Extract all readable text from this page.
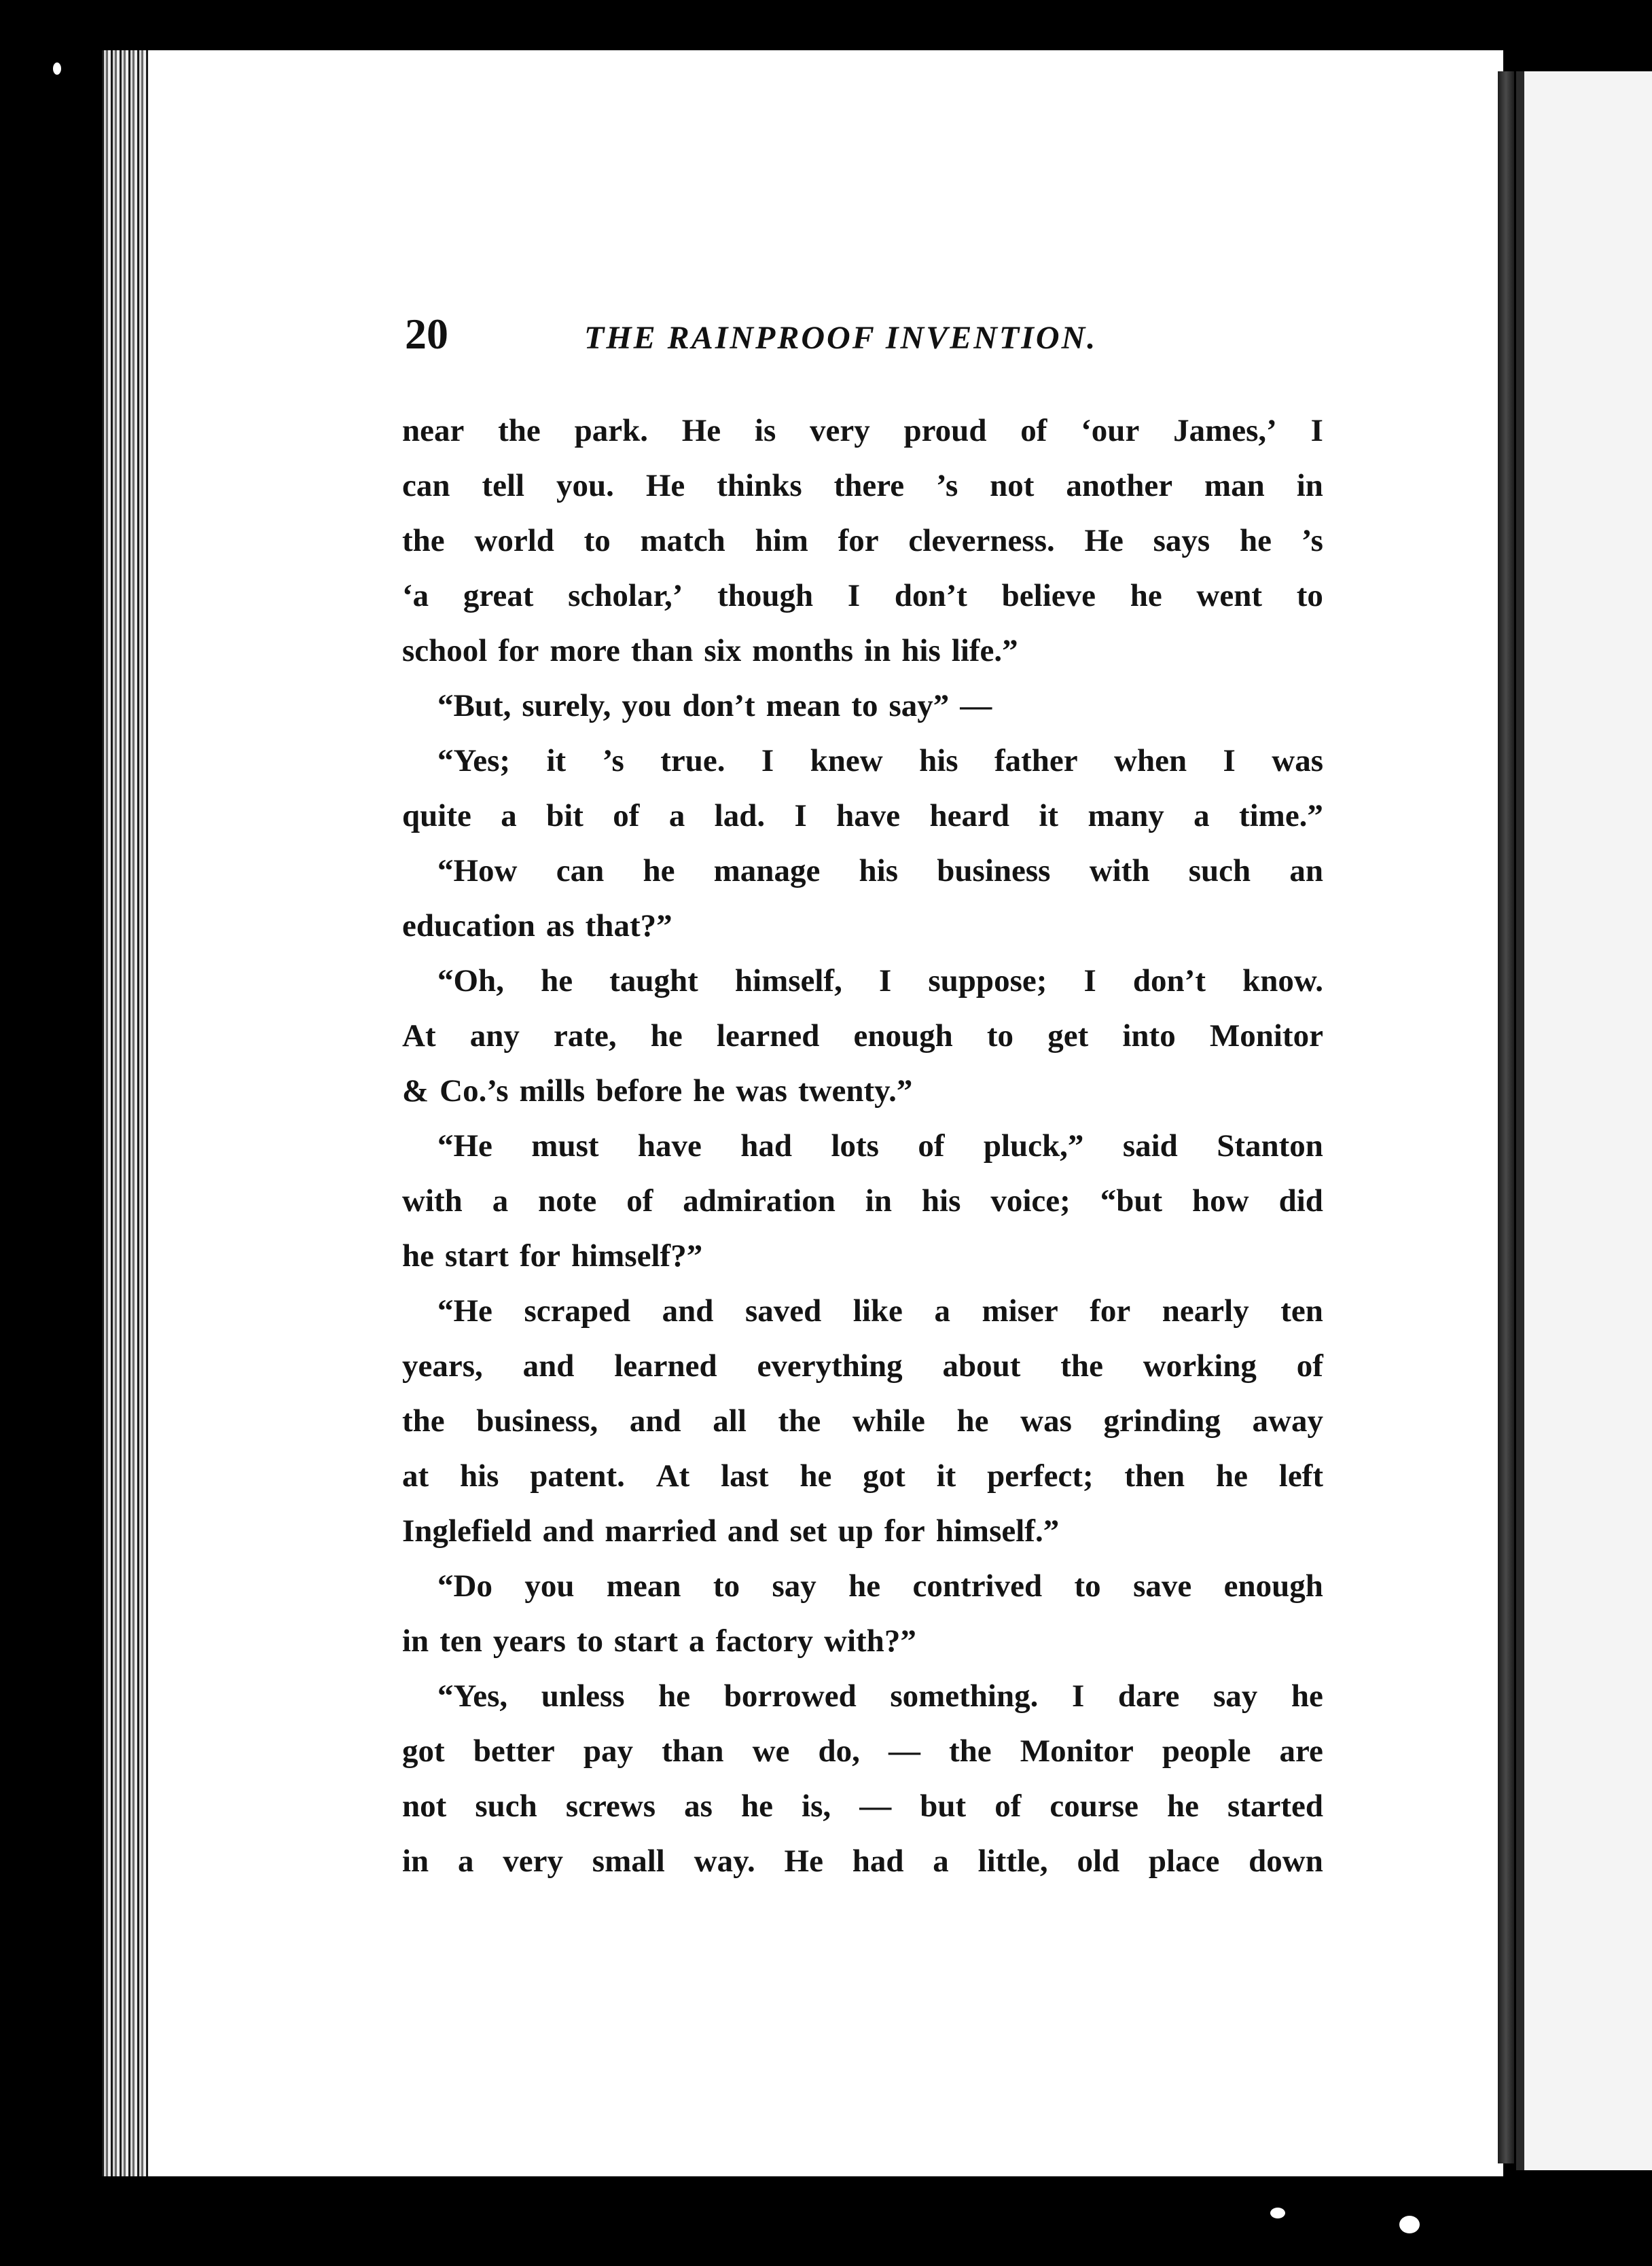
20	THE RAINPROOF INVENTION.
near the park. He is very proud of ‘our James,’ I
can tell you. He thinks there ’s not another man in
the world to match him for cleverness. He says he ’s
‘a great scholar,’ though I don’t believe he went to
school for more than six months in his life.”
“But, surely, you don’t mean to say” —
“Yes; it ’s true. I knew his father when I was
quite a bit of a lad. I have heard it many a time.”
“How can he manage his business with such an
education as that?”
“Oh, he taught himself, I suppose; I don’t know.
At any rate, he learned enough to get into Monitor
& Co.’s mills before he was twenty.”
“He must have had lots of pluck,” said Stanton
with a note of admiration in his voice; “but how did
he start for himself?”
“He scraped and saved like a miser for nearly ten
years, and learned everything about the working of
the business, and all the while he was grinding away
at his patent. At last he got it perfect; then he left
Inglefield and married and set up for himself.”
“Do you mean to say he contrived to save enough
in ten years to start a factory with?”
“Yes, unless he borrowed something. I dare say he
got better pay than we do, — the Monitor people are
not such screws as he is, — but of course he started
in a very small way. He had a little, old place down
